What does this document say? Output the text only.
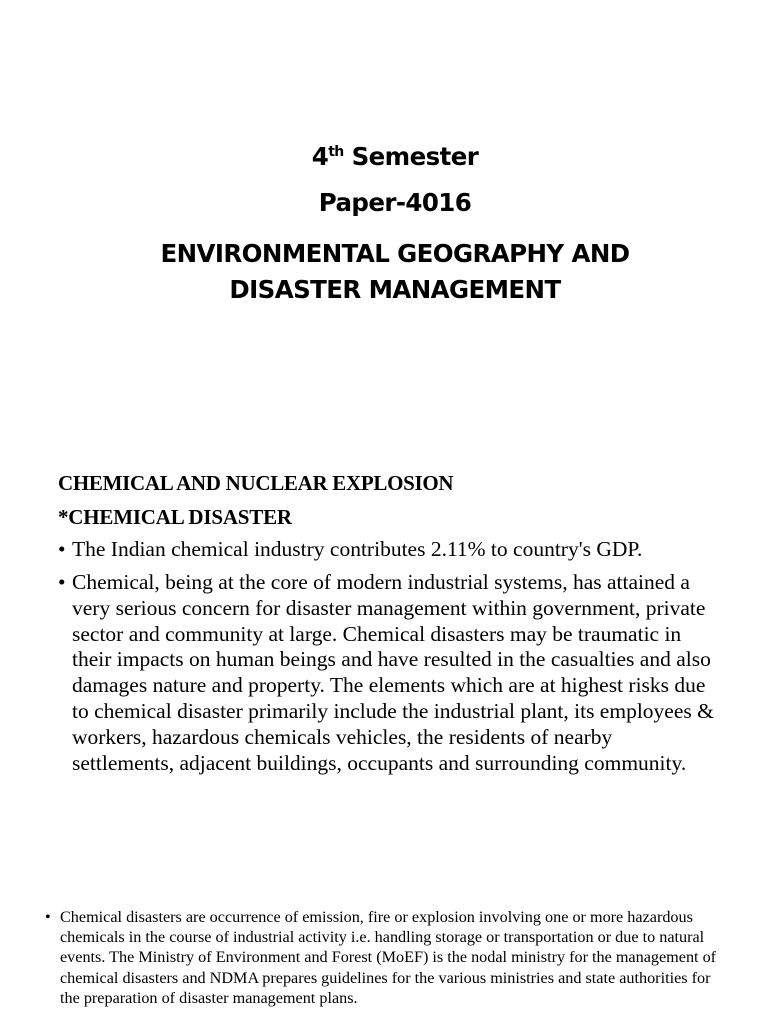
4th Semester
Paper-4016
ENVIRONMENTAL GEOGRAPHY AND DISASTER MANAGEMENT
CHEMICAL AND NUCLEAR EXPLOSION
*CHEMICAL DISASTER
• The Indian chemical industry contributes 2.11% to country's GDP.
• Chemical, being at the core of modern industrial systems, has attained a very serious concern for disaster management within government, private sector and community at large. Chemical disasters may be traumatic in their impacts on human beings and have resulted in the casualties and also damages nature and property. The elements which are at highest risks due to chemical disaster primarily include the industrial plant, its employees & workers, hazardous chemicals vehicles, the residents of nearby settlements, adjacent buildings, occupants and surrounding community.
• Chemical disasters are occurrence of emission, fire or explosion involving one or more hazardous chemicals in the course of industrial activity i.e. handling storage or transportation or due to natural events. The Ministry of Environment and Forest (MoEF) is the nodal ministry for the management of chemical disasters and NDMA prepares guidelines for the various ministries and state authorities for the preparation of disaster management plans.
